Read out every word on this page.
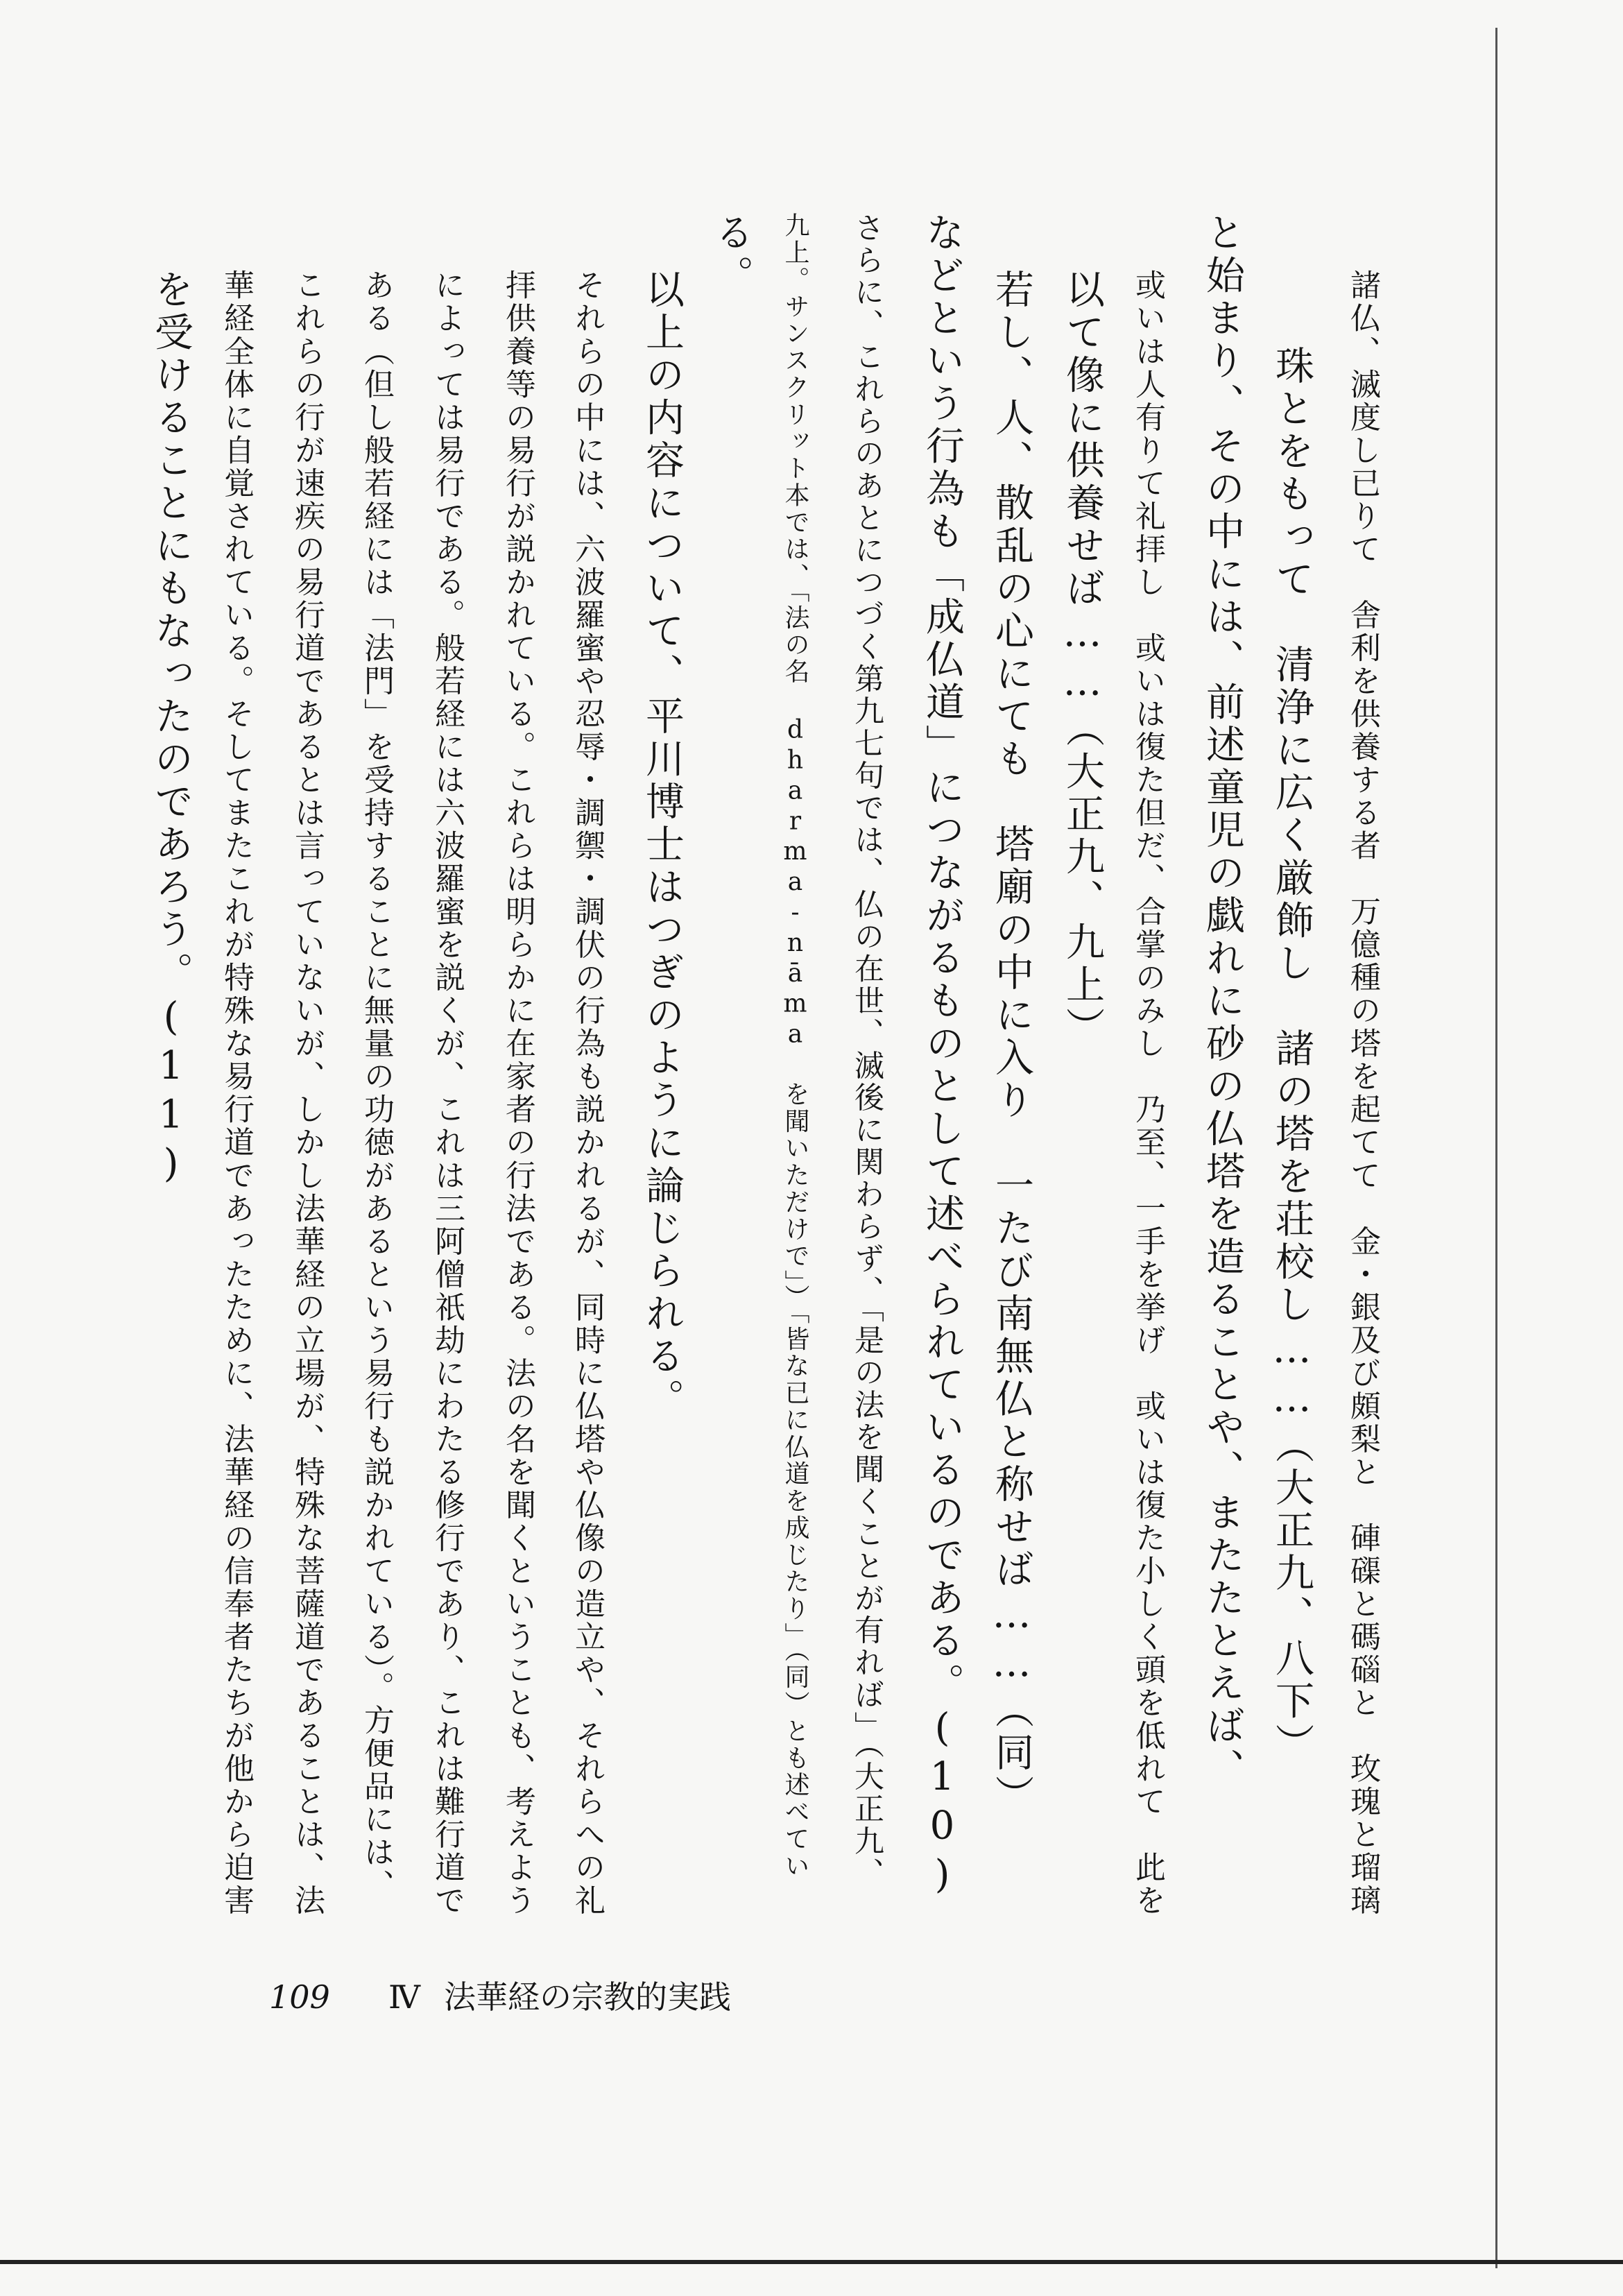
諸仏、滅度し已りて　舎利を供養する者　万億種の塔を起てて　金・銀及び頗梨と　硨磲と碼碯と　玫瑰と瑠璃
珠とをもって　清浄に広く厳飾し　諸の塔を荘校し……（大正九、八下）
と始まり、その中には、前述童児の戯れに砂の仏塔を造ることや、またたとえば、
或いは人有りて礼拝し　或いは復た但だ、合掌のみし　乃至、一手を挙げ　或いは復た小しく頭を低れて　此を
以て像に供養せば……（大正九、九上）
若し、人、散乱の心にても　塔廟の中に入り　一たび南無仏と称せば……（同）
などという行為も「成仏道」につながるものとして述べられているのである。(10)
さらに、これらのあとにつづく第九七句では、仏の在世、滅後に関わらず、「是の法を聞くことが有れば」（大正九、
九上。サンスクリット本では、「法の名 dharma-nāma を聞いただけで」）「皆な已に仏道を成じたり」（同）とも述べてい
る。
以上の内容について、平川博士はつぎのように論じられる。
それらの中には、六波羅蜜や忍辱・調禦・調伏の行為も説かれるが、同時に仏塔や仏像の造立や、それらへの礼
拝供養等の易行が説かれている。これらは明らかに在家者の行法である。法の名を聞くということも、考えよう
によっては易行である。般若経には六波羅蜜を説くが、これは三阿僧祇劫にわたる修行であり、これは難行道で
ある（但し般若経には「法門」を受持することに無量の功徳があるという易行も説かれている）。方便品には、
これらの行が速疾の易行道であるとは言っていないが、しかし法華経の立場が、特殊な菩薩道であることは、法
華経全体に自覚されている。そしてまたこれが特殊な易行道であったために、法華経の信奉者たちが他から迫害
を受けることにもなったのであろう。(11)
109 Ⅳ 法華経の宗教的実践
